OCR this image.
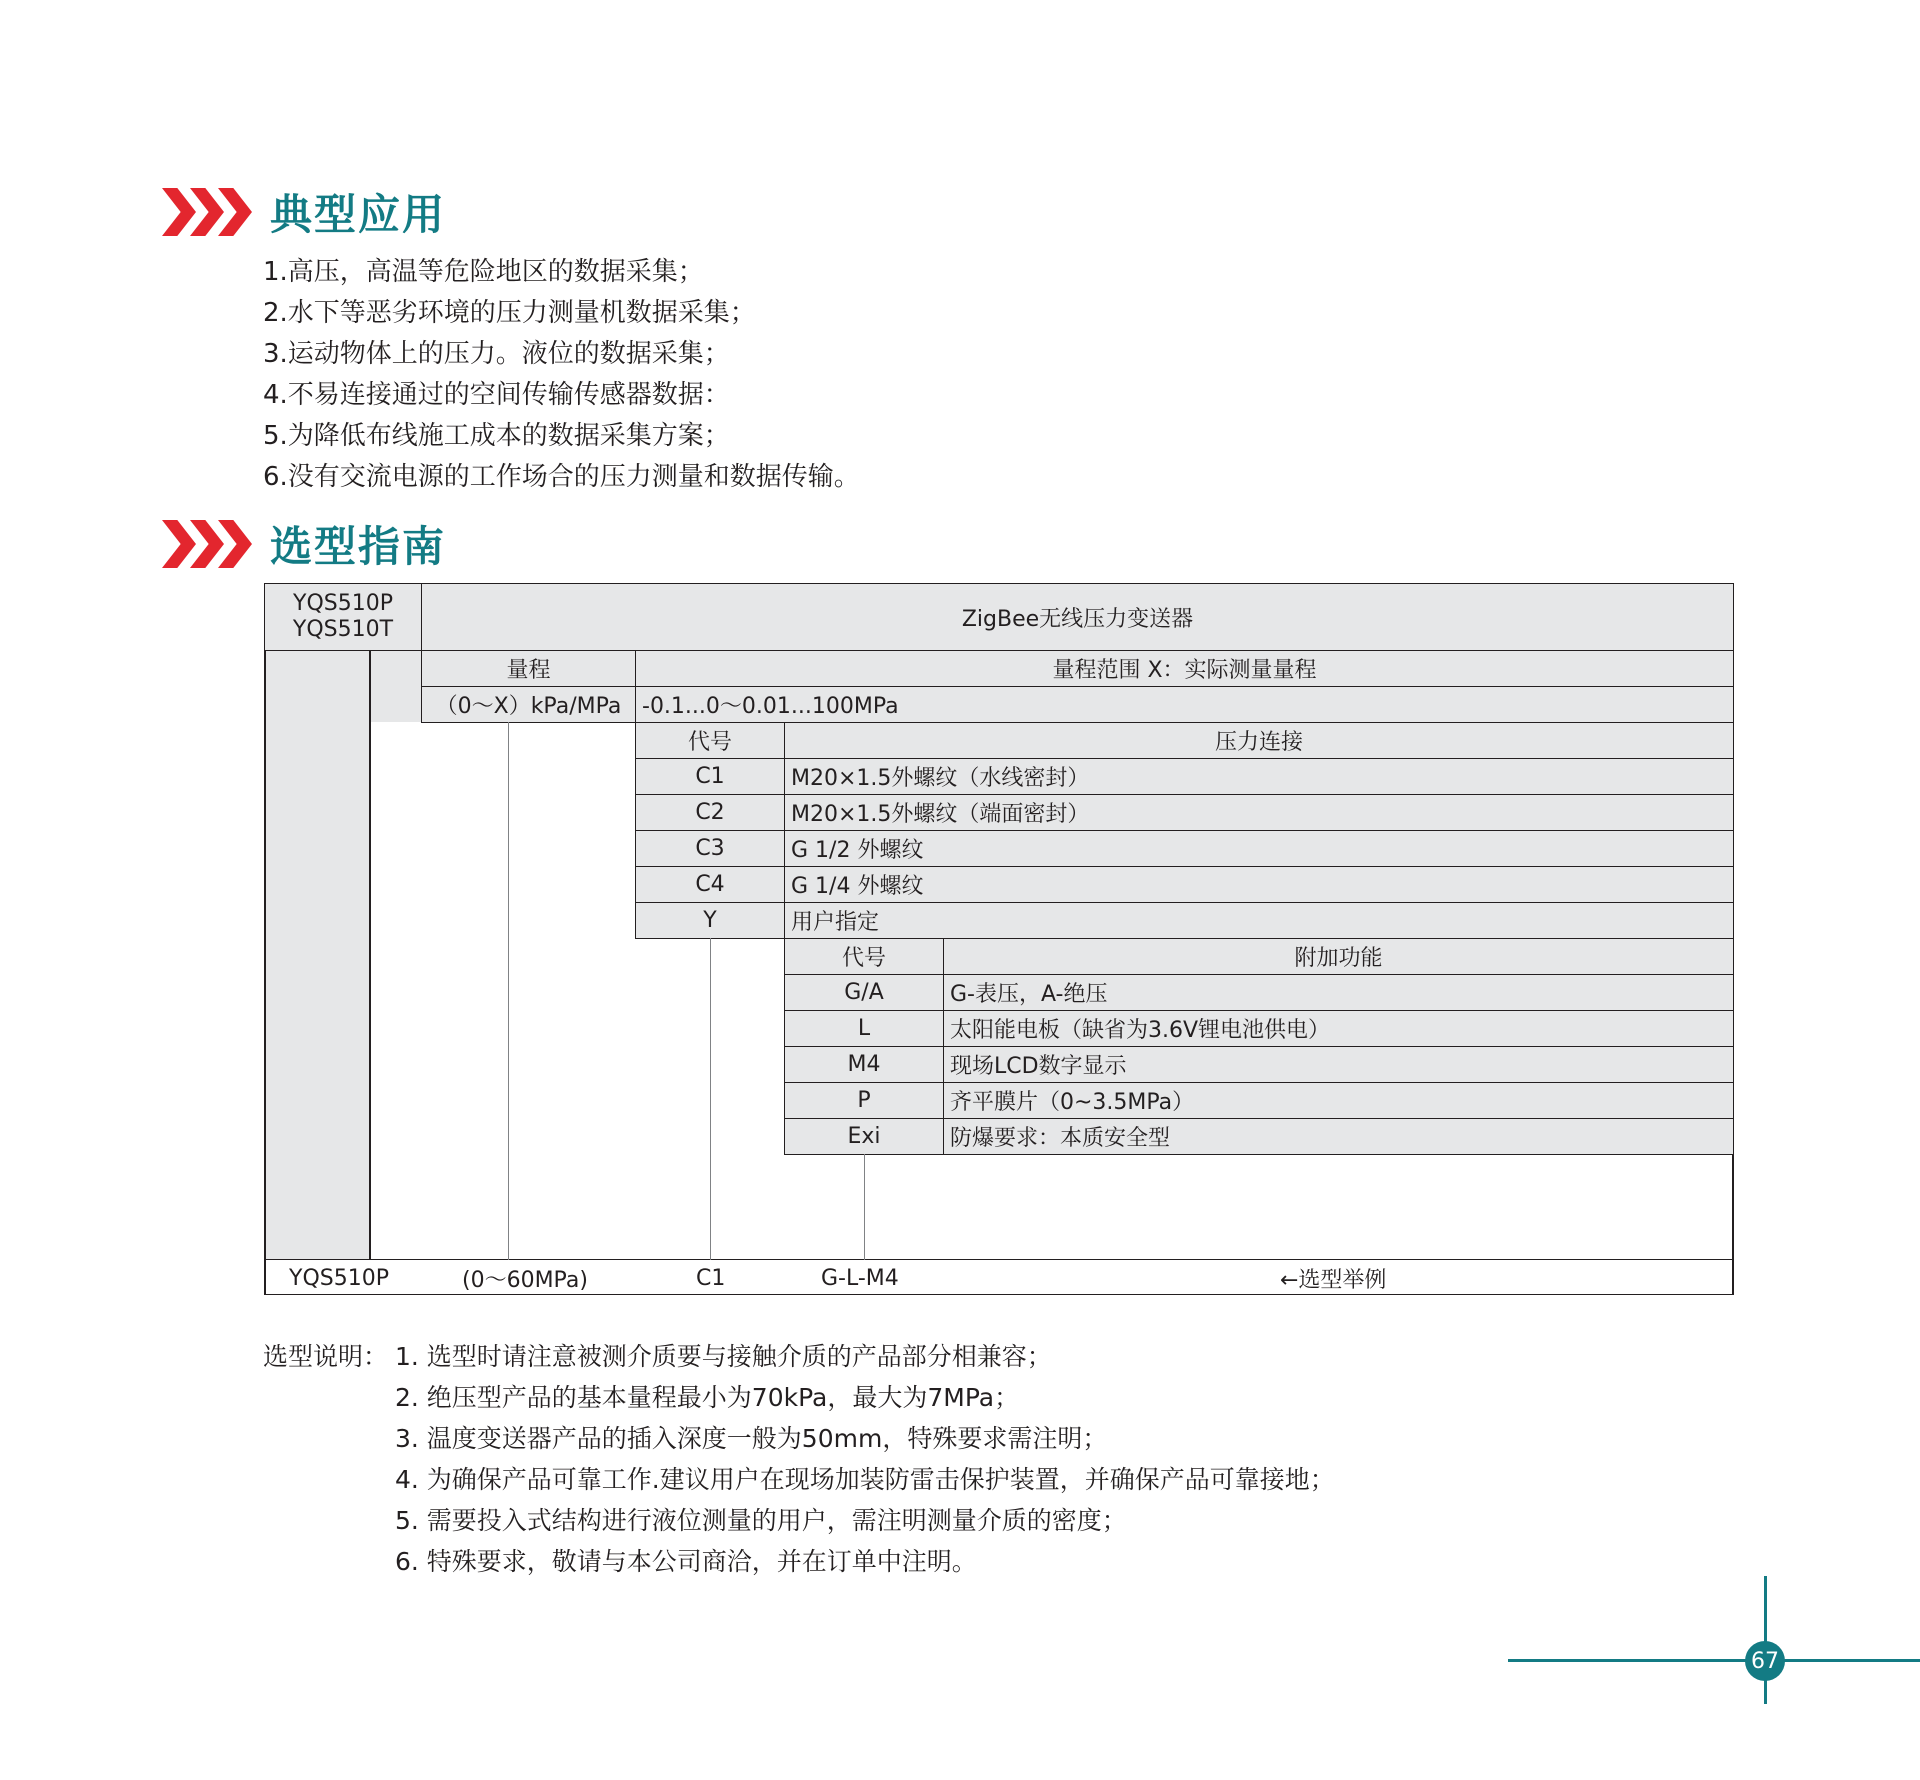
典型应用
1.高压，高温等危险地区的数据采集；
2.水下等恶劣环境的压力测量机数据采集；
3.运动物体上的压力。液位的数据采集；
4.不易连接通过的空间传输传感器数据：
5.为降低布线施工成本的数据采集方案；
6.没有交流电源的工作场合的压力测量和数据传输。
选型指南
YQS510P
YQS510T	ZigBee无线压力变送器
量程	量程范围 X：实际测量量程
（0～X）kPa/MPa -0.1...0～0.01...100MPa
代号	压力连接
C1	M20×1.5外螺纹（水线密封）
C2	M20×1.5外螺纹（端面密封）
C3	G 1/2 外螺纹
C4	G 1/4 外螺纹
Y	用户指定
代号	附加功能
G/A	G-表压，A-绝压
L	太阳能电板（缺省为3.6V锂电池供电）
M4	现场LCD数字显示
P	齐平膜片（0~3.5MPa）
Exi	防爆要求：本质安全型
YQS510P	(0～60MPa)	C1	G-L-M4	←选型举例
选型说明： 1. 选型时请注意被测介质要与接触介质的产品部分相兼容；
2. 绝压型产品的基本量程最小为70kPa，最大为7MPa；
3. 温度变送器产品的插入深度一般为50mm，特殊要求需注明；
4. 为确保产品可靠工作.建议用户在现场加装防雷击保护装置，并确保产品可靠接地；
5. 需要投入式结构进行液位测量的用户，需注明测量介质的密度；
6. 特殊要求，敬请与本公司商洽，并在订单中注明。
67
